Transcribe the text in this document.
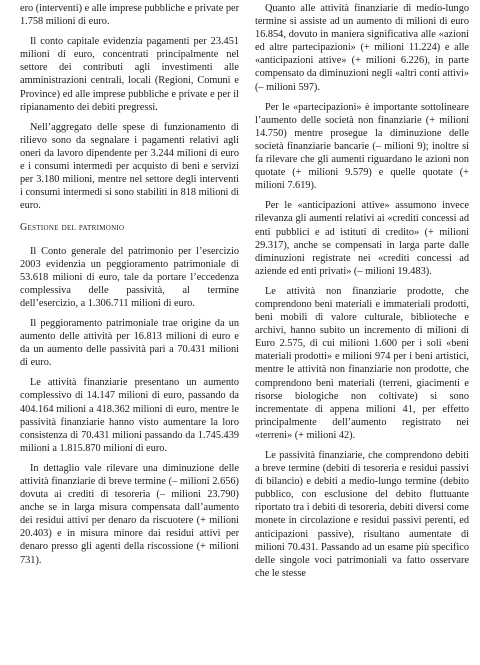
ero (interventi) e alle imprese pubbliche e private per 1.758 milioni di euro.

Il conto capitale evidenzia pagamenti per 23.451 milioni di euro, concentrati principalmente nel settore dei contributi agli investimenti alle amministrazioni centrali, locali (Regioni, Comuni e Province) ed alle imprese pubbliche e private e per il ripianamento dei debiti pregressi.

Nell’aggregato delle spese di funzionamento di rilievo sono da segnalare i pagamenti relativi agli oneri da lavoro dipendente per 3.244 milioni di euro e i consumi intermedi per acquisto di beni e servizi per 3.180 milioni, mentre nel settore degli interventi i consumi intermedi si sono stabiliti in 818 milioni di euro.

Gestione del patrimonio

Il Conto generale del patrimonio per l’esercizio 2003 evidenzia un peggioramento patrimoniale di 53.618 milioni di euro, tale da portare l’eccedenza complessiva delle passività, al termine dell’esercizio, a 1.306.711 milioni di euro.

Il peggioramento patrimoniale trae origine da un aumento delle attività per 16.813 milioni di euro e da un aumento delle passività pari a 70.431 milioni di euro.

Le attività finanziarie presentano un aumento complessivo di 14.147 milioni di euro, passando da 404.164 milioni a 418.362 milioni di euro, mentre le passività finanziarie hanno visto aumentare la loro consistenza di 70.431 milioni passando da 1.745.439 milioni a 1.815.870 milioni di euro.

In dettaglio vale rilevare una diminuzione delle attività finanziarie di breve termine (– milioni 2.656) dovuta ai crediti di tesoreria (– milioni 23.790) anche se in larga misura compensata dall’aumento dei residui attivi per denaro da riscuotere (+ milioni 20.403) e in misura minore dai residui attivi per denaro presso gli agenti della riscossione (+ milioni 731).

Quanto alle attività finanziarie di medio-lungo termine si assiste ad un aumento di milioni di euro 16.854, dovuto in maniera significativa alle «azioni ed altre partecipazioni» (+ milioni 11.224) e alle «anticipazioni attive» (+ milioni 6.226), in parte compensato da diminuzioni negli «altri conti attivi» (– milioni 597).

Per le «partecipazioni» è importante sottolineare l’aumento delle società non finanziarie (+ milioni 14.750) mentre prosegue la diminuzione delle società finanziarie bancarie (– milioni 9); inoltre si fa rilevare che gli aumenti riguardano le azioni non quotate (+ milioni 9.579) e quelle quotate (+ milioni 7.619).

Per le «anticipazioni attive» assumono invece rilevanza gli aumenti relativi ai «crediti concessi ad enti pubblici e ad istituti di credito» (+ milioni 29.317), anche se compensati in larga parte dalle diminuzioni registrate nei «crediti concessi ad aziende ed enti privati» (– milioni 19.483).

Le attività non finanziarie prodotte, che comprendono beni materiali e immateriali prodotti, beni mobili di valore culturale, biblioteche e archivi, hanno subito un incremento di milioni di Euro 2.575, di cui milioni 1.600 per i soli «beni materiali prodotti» e milioni 974 per i beni artistici, mentre le attività non finanziarie non prodotte, che comprendono beni materiali (terreni, giacimenti e risorse biologiche non coltivate) si sono incrementate di appena milioni 41, per effetto principalmente dell’aumento registrato nei «terreni» (+ milioni 42).

Le passività finanziarie, che comprendono debiti a breve termine (debiti di tesoreria e residui passivi di bilancio) e debiti a medio-lungo termine (debito pubblico, con esclusione del debito fluttuante riportato tra i debiti di tesoreria, debiti diversi come monete in circolazione e residui passivi perenti, ed anticipazioni passive), risultano aumentate di milioni 70.431. Passando ad un esame più specifico delle singole voci patrimoniali va fatto osservare che le stesse
